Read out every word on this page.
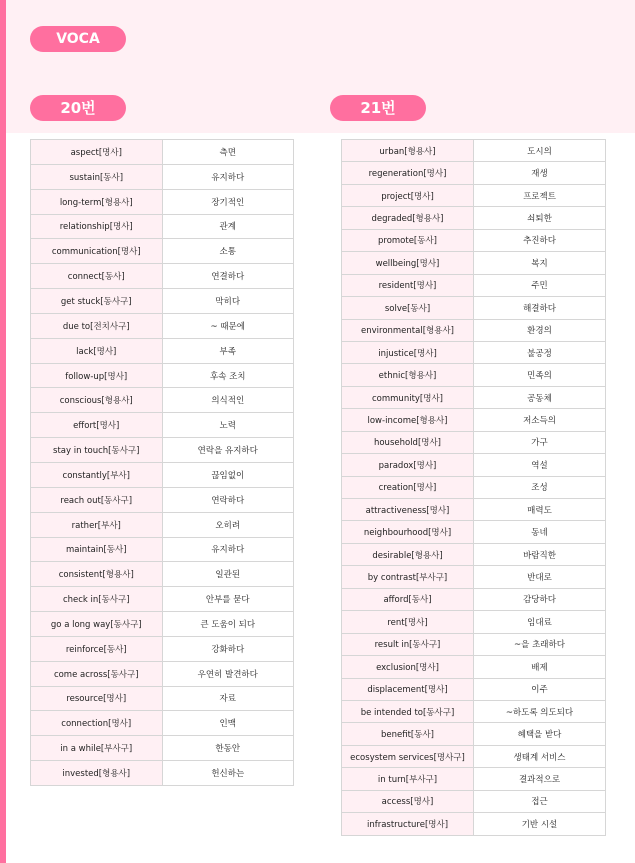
VOCA
20번	21번
aspect[명사]	측면
sustain[동사]	유지하다
long-term[형용사]	장기적인
relationship[명사]	관계
communication[명사]	소통
connect[동사]	연결하다
get stuck[동사구]	막히다
due to[전치사구]	~ 때문에
lack[명사]	부족
follow-up[명사]	후속 조치
conscious[형용사]	의식적인
effort[명사]	노력
stay in touch[동사구]	연락을 유지하다
constantly[부사]	끊임없이
reach out[동사구]	연락하다
rather[부사]	오히려
maintain[동사]	유지하다
consistent[형용사]	일관된
check in[동사구]	안부를 묻다
go a long way[동사구]	큰 도움이 되다
reinforce[동사]	강화하다
come across[동사구]	우연히 발견하다
resource[명사]	자료
connection[명사]	인맥
in a while[부사구]	한동안
invested[형용사]	헌신하는
urban[형용사]	도시의
regeneration[명사]	재생
project[명사]	프로젝트
degraded[형용사]	쇠퇴한
promote[동사]	추진하다
wellbeing[명사]	복지
resident[명사]	주민
solve[동사]	해결하다
environmental[형용사]	환경의
injustice[명사]	불공정
ethnic[형용사]	민족의
community[명사]	공동체
low-income[형용사]	저소득의
household[명사]	가구
paradox[명사]	역설
creation[명사]	조성
attractiveness[명사]	매력도
neighbourhood[명사]	동네
desirable[형용사]	바람직한
by contrast[부사구]	반대로
afford[동사]	감당하다
rent[명사]	임대료
result in[동사구]	~을 초래하다
exclusion[명사]	배제
displacement[명사]	이주
be intended to[동사구]	~하도록 의도되다
benefit[동사]	혜택을 받다
ecosystem services[명사구]	생태계 서비스
in turn[부사구]	결과적으로
access[명사]	접근
infrastructure[명사]	기반 시설
